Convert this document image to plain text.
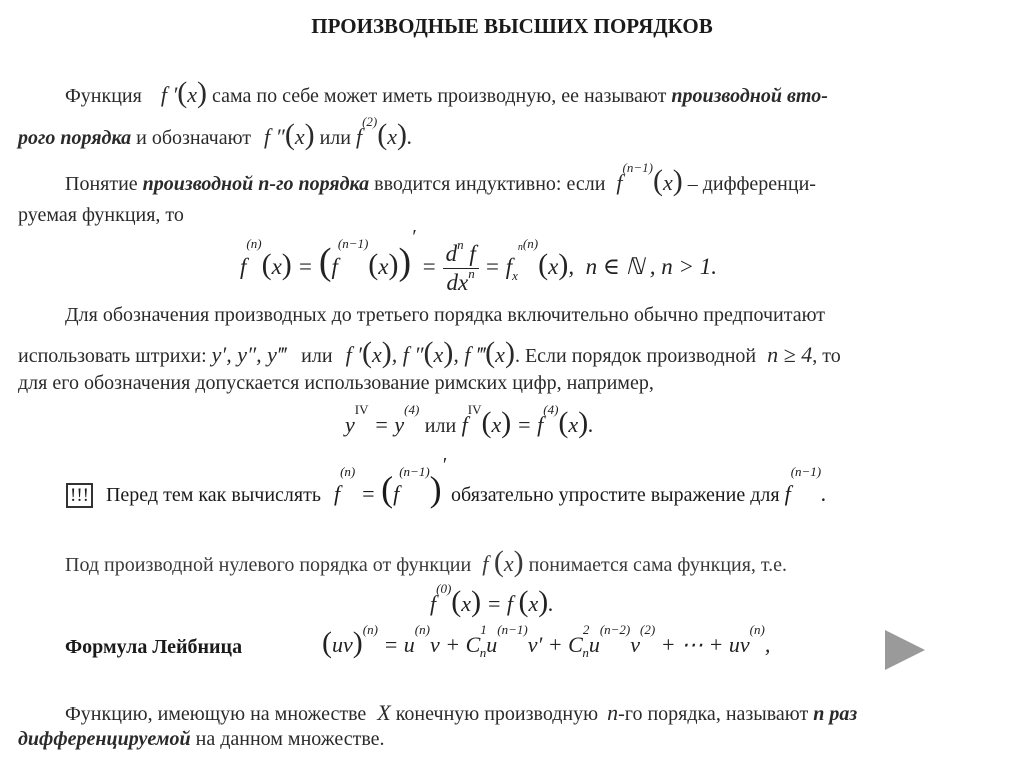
ПРОИЗВОДНЫЕ ВЫСШИХ ПОРЯДКОВ
Функция f ′(x) сама по себе может иметь производную, ее называют производной вто-
рого порядка и обозначают f ″(x) или $f^{(2)}(x)$.
Понятие производной n-го порядка вводится индуктивно: если $f^{(n-1)}(x)$ – дифференци-
руемая функция, то
$f^{(n)}(x) = (f^{(n-1)}(x))' = \frac{d^n f}{dx^n} = f_{x^n}^{(n)}(x)$,  n ∈ ℕ , n > 1.
Для обозначения производных до третьего порядка включительно обычно предпочитают
использовать штрихи: y′, y″, y‴ или f ′(x), f ″(x), f ‴(x). Если порядок производной n ≥ 4, то
для его обозначения допускается использование римских цифр, например,
$y^{IV} = y^{(4)}$ или $f^{IV}(x) = f^{(4)}(x)$.
!!! Перед тем как вычислять $f^{(n)} = (f^{(n-1)})'$ обязательно упростите выражение для $f^{(n-1)}$.
Под производной нулевого порядка от функции f (x) понимается сама функция, т.е.
$f^{(0)}(x) = f$ (x).
Формула Лейбница	$(uv)^{(n)} = u^{(n)}v + C^1_nu^{(n-1)}v' + C^2_nu^{(n-2)}v^{(2)}$ + ⋯ + $uv^{(n)}$,
Функцию, имеющую на множестве X конечную производную n-го порядка, называют n раз
дифференцируемой на данном множестве.
